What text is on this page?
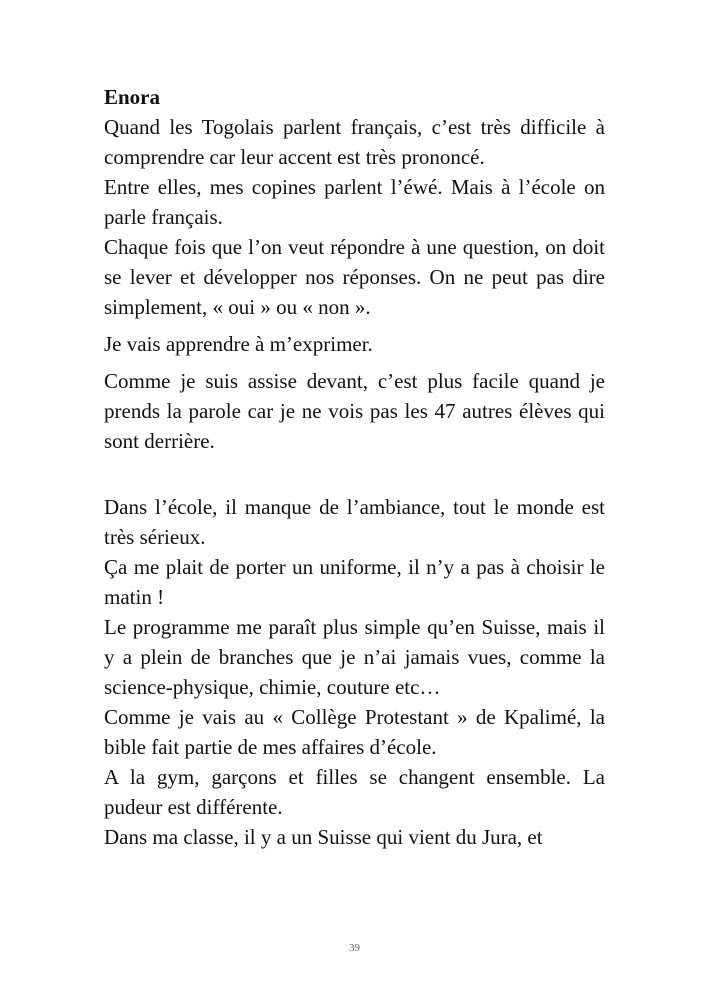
Enora

Quand les Togolais parlent français, c’est très difficile à comprendre car leur accent est très prononcé.

Entre elles, mes copines parlent l’éwé. Mais à l’école on parle français.

Chaque fois que l’on veut répondre à une question, on doit se lever et développer nos réponses. On ne peut pas dire simplement, « oui » ou « non ».

Je vais apprendre à m’exprimer.

Comme je suis assise devant, c’est plus facile quand je prends la parole car je ne vois pas les 47 autres élèves qui sont derrière.

Dans l’école, il manque de l’ambiance, tout le monde est très sérieux.

Ça me plait de porter un uniforme, il n’y a pas à choisir le matin !

Le programme me paraît plus simple qu’en Suisse, mais il y a plein de branches que je n’ai jamais vues, comme la science-physique, chimie, couture etc…

Comme je vais au « Collège Protestant » de Kpalimé, la bible fait partie de mes affaires d’école.

A la gym, garçons et filles se changent ensemble. La pudeur est différente.

Dans ma classe, il y a un Suisse qui vient du Jura, et

39
